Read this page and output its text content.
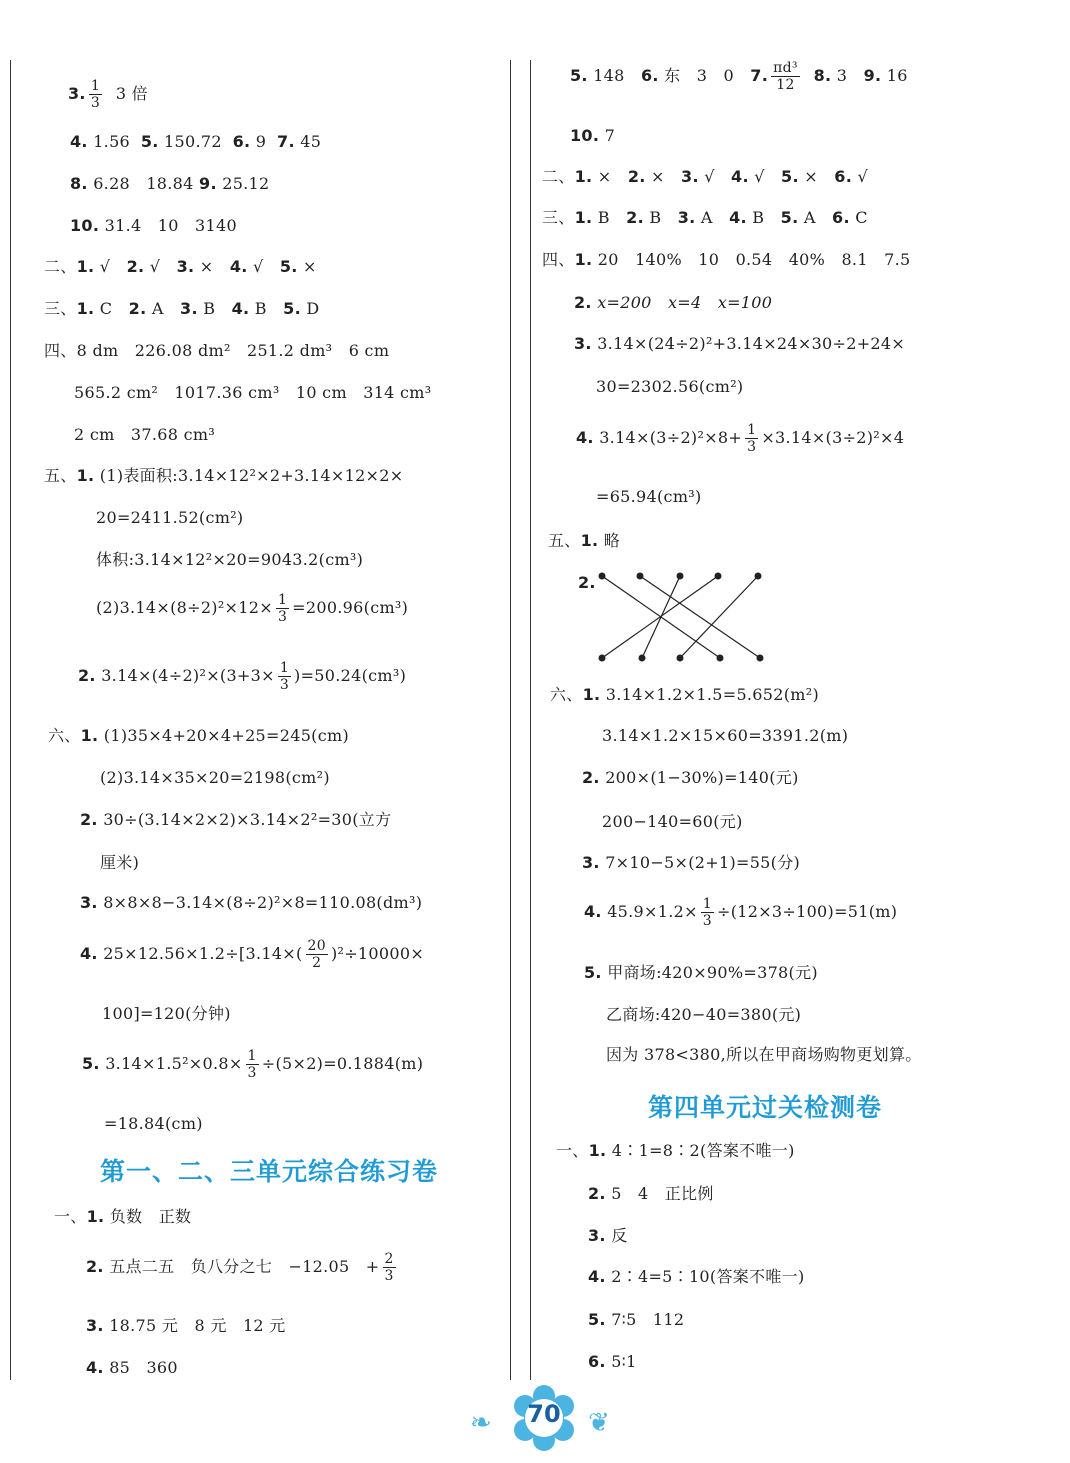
3. $\frac{1}{3} 3$ 倍
4. 1.56  5. 150.72  6. 9  7. 45
8. 6.28　18.84 9. 25.12
10. 31.4　10　3140
二、1. √　2. √　3. ×　4. √　5. ×
三、1. C　2. A　3. B　4. B　5. D
四、8 dm　226.08 dm²　251.2 dm³　6 cm
565.2 cm²　1017.36 cm³　10 cm　314 cm³
2 cm　37.68 cm³
五、1. (1)表面积:3.14×12²×2+3.14×12×2×
20=2411.52(cm²)
体积:3.14×12²×20=9043.2(cm³)
$(2)3.14\times(8\div 2)^2\times 12\times \frac{1}{3} =200.96(cm^3)$
2. $3.14\times(4\div 2)^2\times(3+3\times \frac{1}{3} )=50.24(cm^3)$
六、1. (1)35×4+20×4+25=245(cm)
(2)3.14×35×20=2198(cm²)
2. 30÷(3.14×2×2)×3.14×2²=30(立方
厘米)
3. 8×8×8−3.14×(8÷2)²×8=110.08(dm³)
4. $25\times 12.56\times 1.2\div[3.14\times( \frac{20}{2} )^2\div 10000\times$
100]=120(分钟)
5. $3.14\times 1.5^2\times 0.8\times \frac{1}{3} \div(5\times 2)=0.1884(m)$
=18.84(cm)
第一、二、三单元综合练习卷
一、1. 负数　正数
2. 五点二五　负八分之七　−12.05　+ $\frac{2}{3}$
3. 18.75 元　8 元　12 元
4. 85　360
5. 148　6. 东　3　0　7. $\frac{\text{πd³}}{12} 8$. 3　9. 16
10. 7
二、1. ×　2. ×　3. √　4. √　5. ×　6. √
三、1. B　2. B　3. A　4. B　5. A　6. C
四、1. 20　140%　10　0.54　40%　8.1　7.5
2. x=200　x=4　x=100
3. 3.14×(24÷2)²+3.14×24×30÷2+24×
30=2302.56(cm²)
4. $3.14\times(3\div 2)^2\times 8+ \frac{1}{3} \times 3.14\times(3\div 2)^2\times 4$
=65.94(cm³)
五、1. 略
2.
六、1. 3.14×1.2×1.5=5.652(m²)
3.14×1.2×15×60=3391.2(m)
2. 200×(1−30%)=140(元)
200−140=60(元)
3. 7×10−5×(2+1)=55(分)
4. $45.9\times 1.2\times \frac{1}{3} \div(12\times 3\div 100)=51(m)$
5. 甲商场:420×90%=378(元)
乙商场:420−40=380(元)
因为 378<380,所以在甲商场购物更划算。
第四单元过关检测卷
一、1. 4∶1=8∶2(答案不唯一)
2. 5　4　正比例
3. 反
4. 2∶4=5∶10(答案不唯一)
5. 7∶5　112
6. 5∶1
❧	70	❦
